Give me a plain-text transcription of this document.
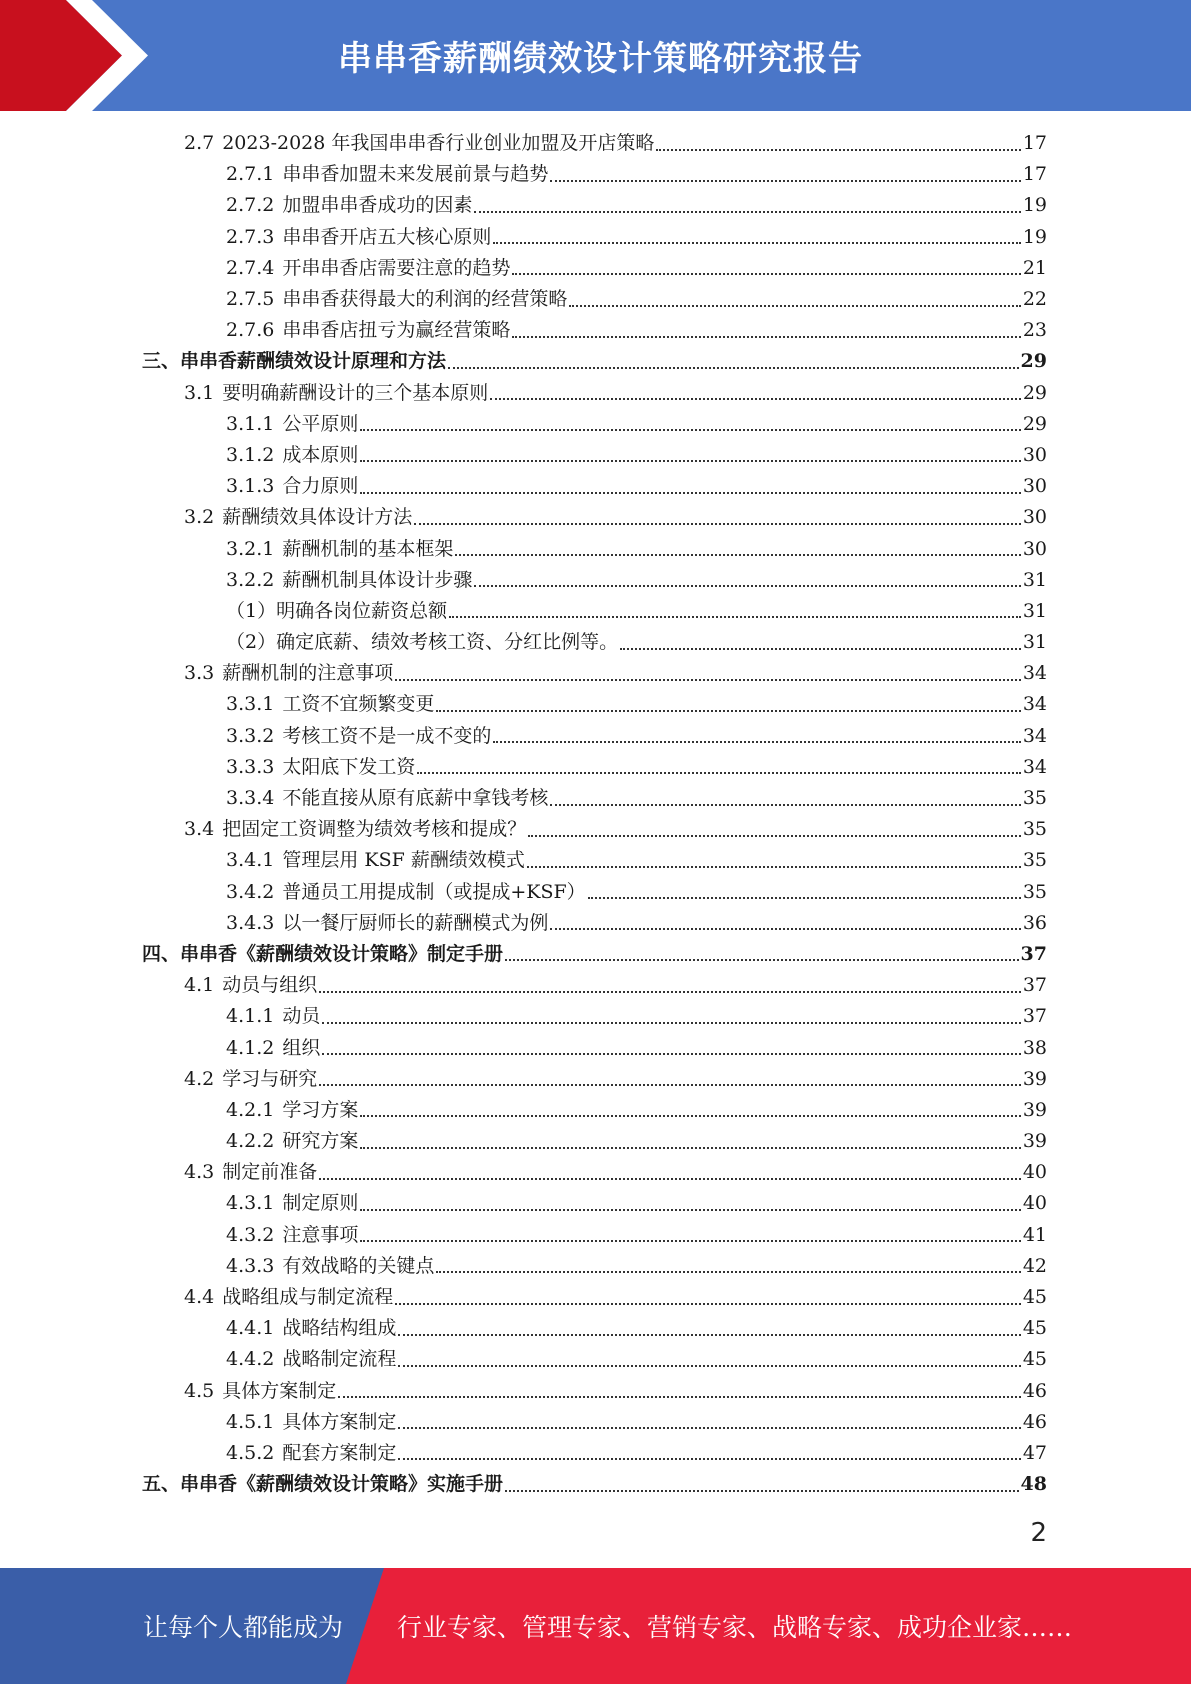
串串香薪酬绩效设计策略研究报告
2.7 2023-2028 年我国串串香行业创业加盟及开店策略	17
2.7.1 串串香加盟未来发展前景与趋势	17
2.7.2 加盟串串香成功的因素	19
2.7.3 串串香开店五大核心原则	19
2.7.4 开串串香店需要注意的趋势	21
2.7.5 串串香获得最大的利润的经营策略	22
2.7.6 串串香店扭亏为赢经营策略	23
三、 串串香薪酬绩效设计原理和方法	29
3.1 要明确薪酬设计的三个基本原则	29
3.1.1 公平原则	29
3.1.2 成本原则	30
3.1.3 合力原则	30
3.2 薪酬绩效具体设计方法	30
3.2.1 薪酬机制的基本框架	30
3.2.2 薪酬机制具体设计步骤	31
（1） 明确各岗位薪资总额	31
（2） 确定底薪、绩效考核工资、分红比例等。	31
3.3 薪酬机制的注意事项	34
3.3.1 工资不宜频繁变更	34
3.3.2 考核工资不是一成不变的	34
3.3.3 太阳底下发工资	34
3.3.4 不能直接从原有底薪中拿钱考核	35
3.4 把固定工资调整为绩效考核和提成？	35
3.4.1 管理层用 KSF 薪酬绩效模式	35
3.4.2 普通员工用提成制（或提成+KSF）	35
3.4.3 以一餐厅厨师长的薪酬模式为例	36
四、 串串香《薪酬绩效设计策略》制定手册	37
4.1 动员与组织	37
4.1.1 动员	37
4.1.2 组织	38
4.2 学习与研究	39
4.2.1 学习方案	39
4.2.2 研究方案	39
4.3 制定前准备	40
4.3.1 制定原则	40
4.3.2 注意事项	41
4.3.3 有效战略的关键点	42
4.4 战略组成与制定流程	45
4.4.1 战略结构组成	45
4.4.2 战略制定流程	45
4.5 具体方案制定	46
4.5.1 具体方案制定	46
4.5.2 配套方案制定	47
五、 串串香《薪酬绩效设计策略》实施手册	48
2
让每个人都能成为 行业专家、管理专家、营销专家、战略专家、成功企业家……
